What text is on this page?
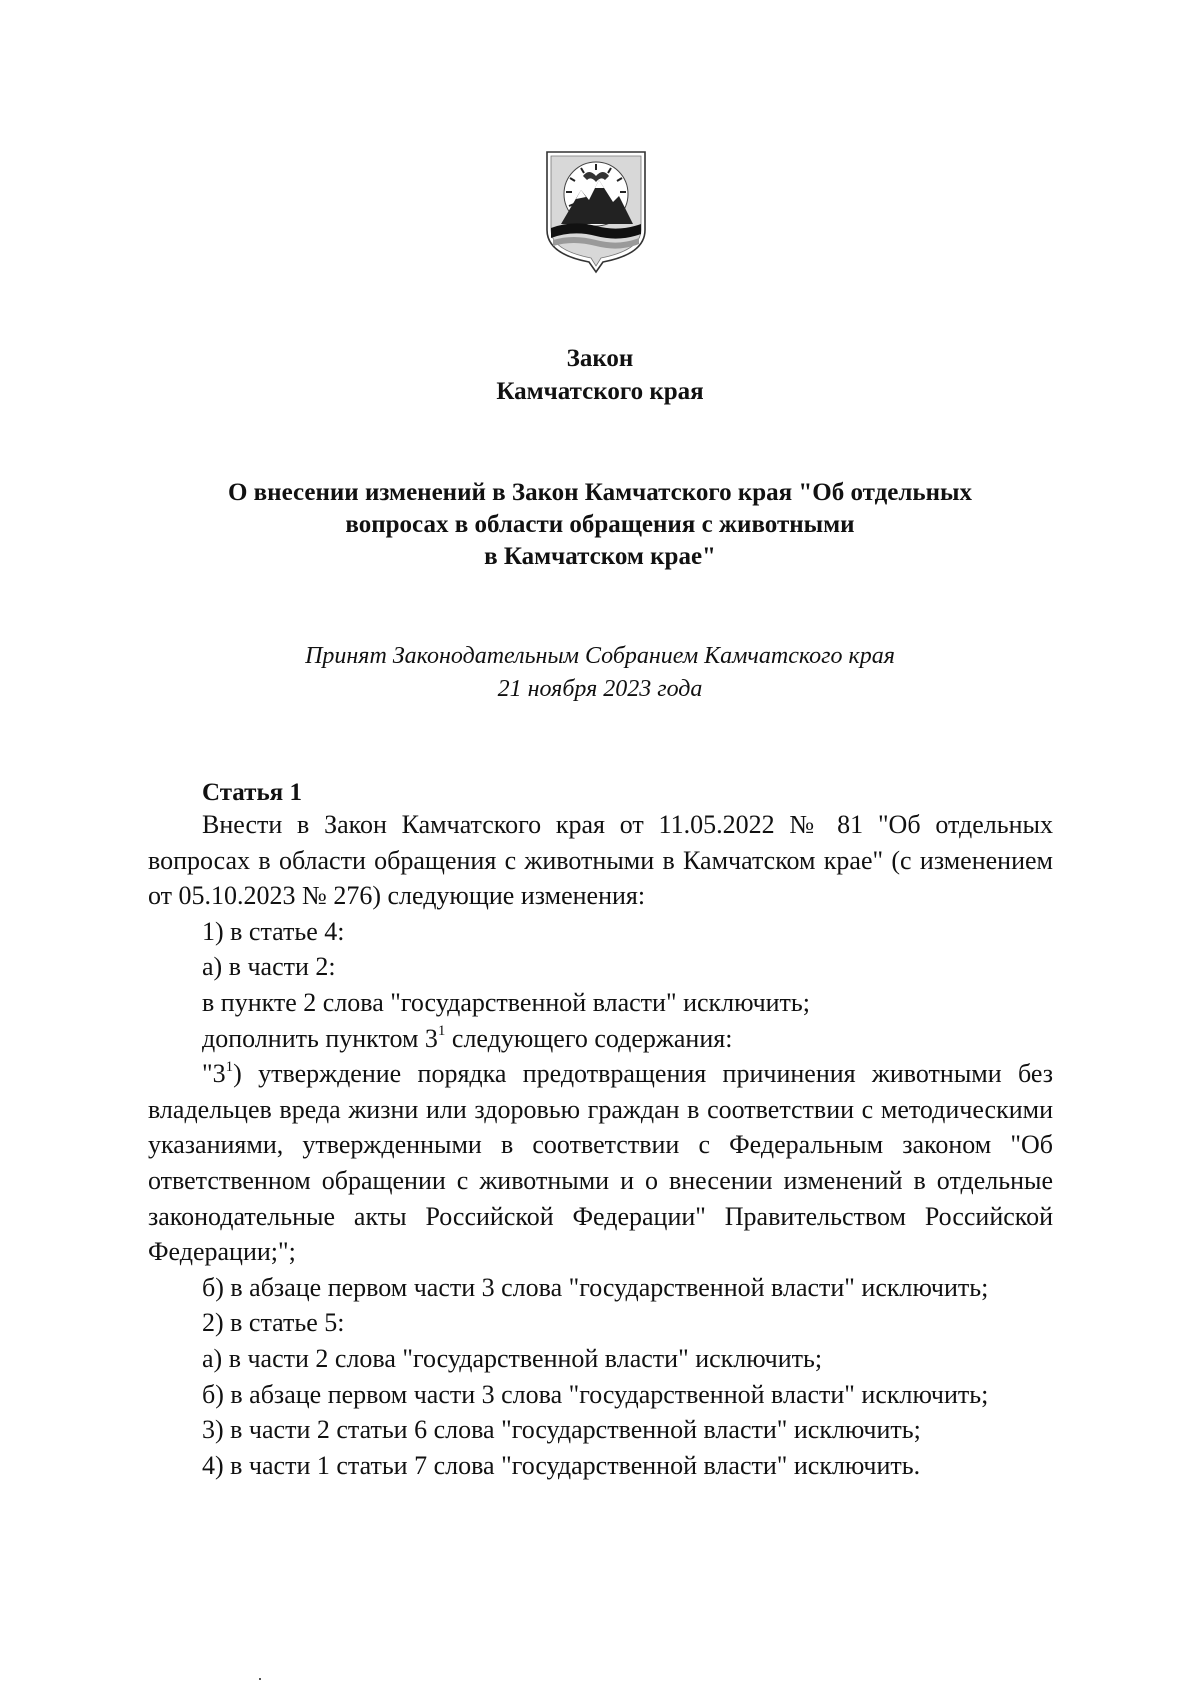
Закон
Камчатского края
О внесении изменений в Закон Камчатского края "Об отдельных
вопросах в области обращения с животными
в Камчатском крае"
Принят Законодательным Собранием Камчатского края
21 ноября 2023 года
Статья 1

Внести в Закон Камчатского края от 11.05.2022 № 81 "Об отдельных вопросах в области обращения с животными в Камчатском крае" (с изменением от 05.10.2023 № 276) следующие изменения:

1) в статье 4:

а) в части 2:

в пункте 2 слова "государственной власти" исключить;

дополнить пунктом $3^1$ следующего содержания:

"$3^1$) утверждение порядка предотвращения причинения животными без владельцев вреда жизни или здоровью граждан в соответствии с методическими указаниями, утвержденными в соответствии с Федеральным законом "Об ответственном обращении с животными и о внесении изменений в отдельные законодательные акты Российской Федерации" Правительством Российской Федерации;";

б) в абзаце первом части 3 слова "государственной власти" исключить;

2) в статье 5:

а) в части 2 слова "государственной власти" исключить;

б) в абзаце первом части 3 слова "государственной власти" исключить;

3) в части 2 статьи 6 слова "государственной власти" исключить;

4) в части 1 статьи 7 слова "государственной власти" исключить.
